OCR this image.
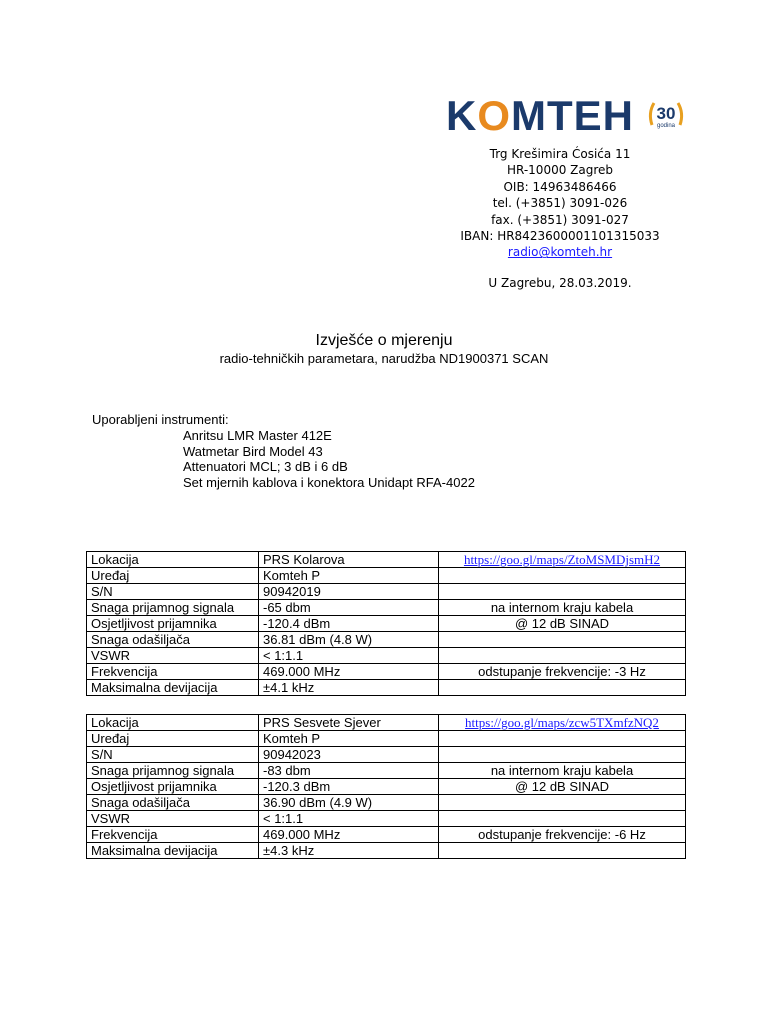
KOMTEH 30
godina
Trg Krešimira Ćosića 11
HR-10000 Zagreb
OIB: 14963486466
tel. (+3851) 3091-026
fax. (+3851) 3091-027
IBAN: HR8423600001101315033
radio@komteh.hr
U Zagrebu, 28.03.2019.
Izvješće o mjerenju
radio-tehničkih parametara, narudžba ND1900371 SCAN
Uporabljeni instrumenti:
Anritsu LMR Master 412E
Watmetar Bird Model 43
Attenuatori MCL; 3 dB i 6 dB
Set mjernih kablova i konektora Unidapt RFA-4022
Lokacija	PRS Kolarova	https://goo.gl/maps/ZtoMSMDjsmH2
Uređaj	Komteh P	
S/N	90942019	
Snaga prijamnog signala	-65 dbm	na internom kraju kabela
Osjetljivost prijamnika	-120.4 dBm	@ 12 dB SINAD
Snaga odašiljača	36.81 dBm (4.8 W)	
VSWR	< 1:1.1	
Frekvencija	469.000 MHz	odstupanje frekvencije: -3 Hz
Maksimalna devijacija	±4.1 kHz	
Lokacija	PRS Sesvete Sjever	https://goo.gl/maps/zcw5TXmfzNQ2
Uređaj	Komteh P	
S/N	90942023	
Snaga prijamnog signala	-83 dbm	na internom kraju kabela
Osjetljivost prijamnika	-120.3 dBm	@ 12 dB SINAD
Snaga odašiljača	36.90 dBm (4.9 W)	
VSWR	< 1:1.1	
Frekvencija	469.000 MHz	odstupanje frekvencije: -6 Hz
Maksimalna devijacija	±4.3 kHz	
